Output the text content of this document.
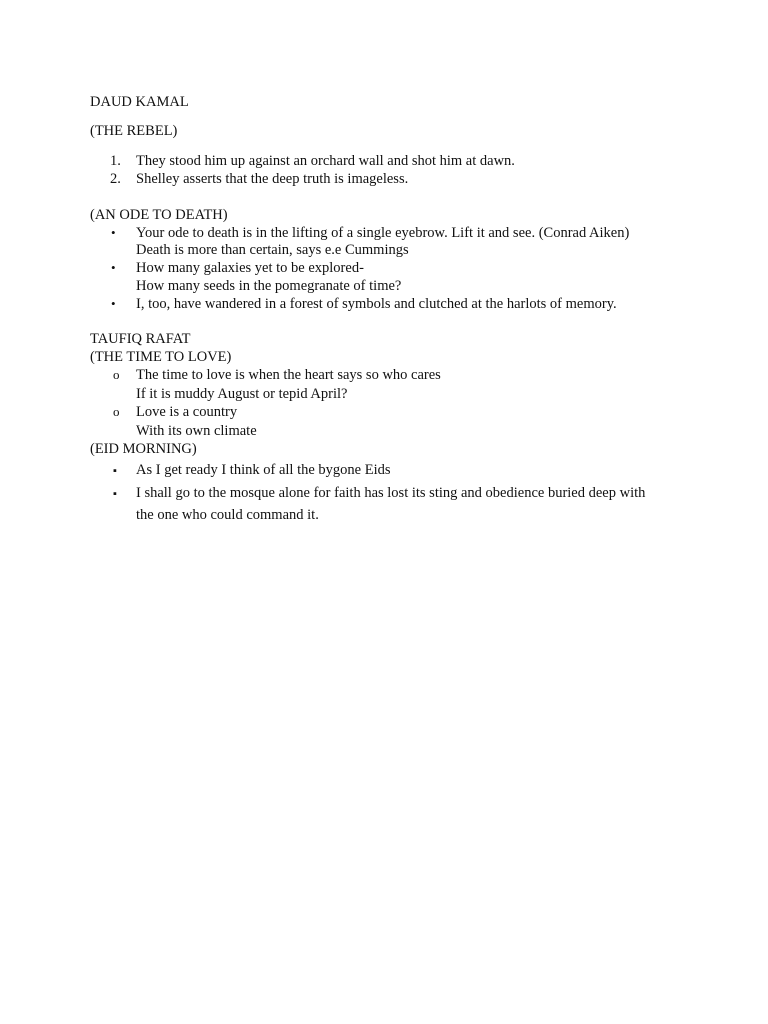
DAUD KAMAL
(THE REBEL)
1. They stood him up against an orchard wall and shot him at dawn.
2. Shelley asserts that the deep truth is imageless.
(AN ODE TO DEATH)
• Your ode to death is in the lifting of a single eyebrow. Lift it and see. (Conrad Aiken)
Death is more than certain, says e.e Cummings
• How many galaxies yet to be explored-
How many seeds in the pomegranate of time?
• I, too, have wandered in a forest of symbols and clutched at the harlots of memory.
TAUFIQ RAFAT
(THE TIME TO LOVE)
o The time to love is when the heart says so who cares
If it is muddy August or tepid April?
o Love is a country
With its own climate
(EID MORNING)
▪ As I get ready I think of all the bygone Eids
▪ I shall go to the mosque alone for faith has lost its sting and obedience buried deep with
the one who could command it.
